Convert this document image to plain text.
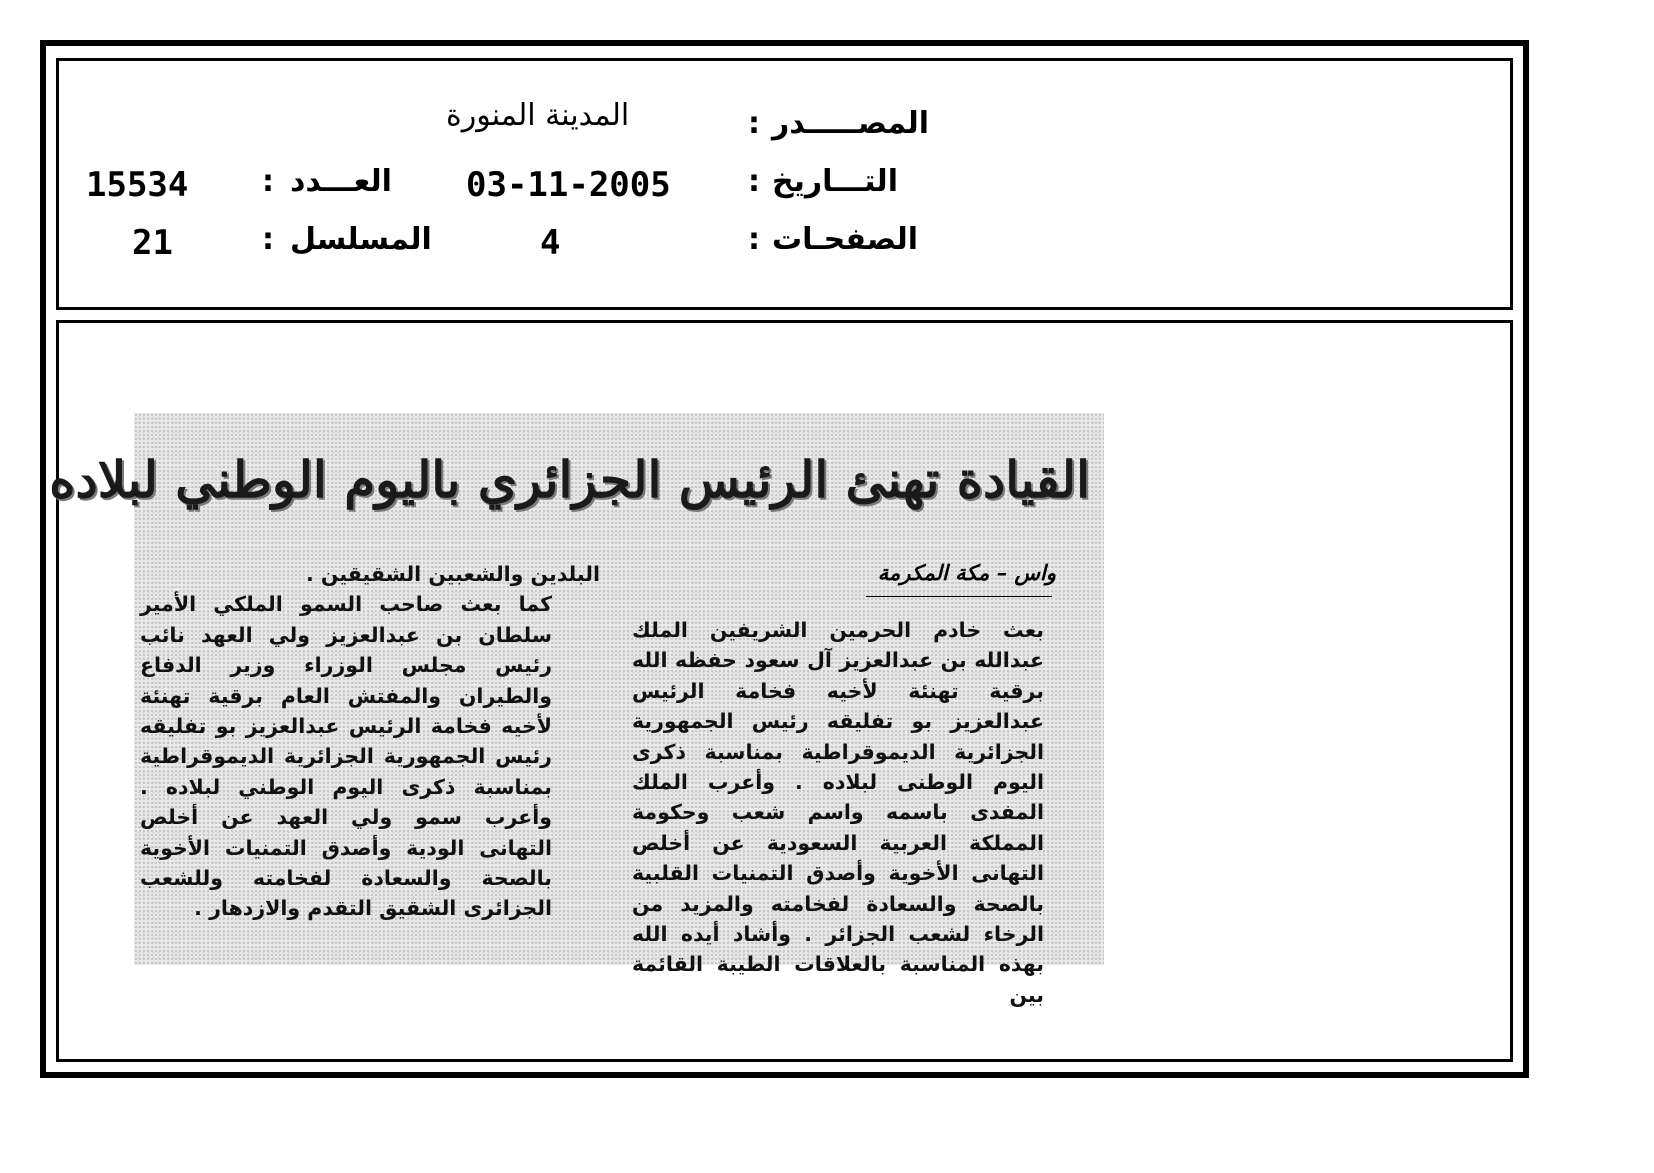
المصـــــدر
:
المدينة المنورة
التـــاريخ
:
03-11-2005
العـــدد
:
15534
الصفحـات
:
4
المسلسل
:
21
القيادة تهنئ الرئيس الجزائري باليوم الوطني لبلاده
واس – مكة المكرمة

بعث خادم الحرمين الشريفين الملك عبدالله بن عبدالعزيز آل سعود حفظه الله برقية تهنئة لأخيه فخامة الرئيس عبدالعزيز بو تفليقه رئيس الجمهورية الجزائرية الديموقراطية بمناسبة ذكرى اليوم الوطنى لبلاده . وأعرب الملك المفدى باسمه واسم شعب وحكومة المملكة العربية السعودية عن أخلص التهانى الأخوية وأصدق التمنيات القلبية بالصحة والسعادة لفخامته والمزيد من الرخاء لشعب الجزائر . وأشاد أيده الله بهذه المناسبة بالعلاقات الطيبة القائمة بين

البلدين والشعبين الشقيقين .

كما بعث صاحب السمو الملكي الأمير سلطان بن عبدالعزيز ولي العهد نائب رئيس مجلس الوزراء وزير الدفاع والطيران والمفتش العام برقية تهنئة لأخيه فخامة الرئيس عبدالعزيز بو تفليقه رئيس الجمهورية الجزائرية الديموقراطية بمناسبة ذكرى اليوم الوطني لبلاده . وأعرب سمو ولي العهد عن أخلص التهانى الودية وأصدق التمنيات الأخوية بالصحة والسعادة لفخامته وللشعب الجزائرى الشقيق التقدم والازدهار .
